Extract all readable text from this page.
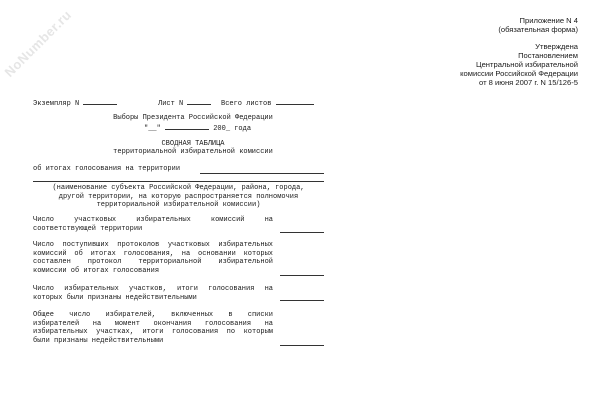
NoNumber.ru	Приложение N 4
(обязательная форма)
Утверждена
Постановлением
Центральной избирательной
комиссии Российской Федерации
от 8 июня 2007 г. N 15/126-5
Экземпляр N	Лист N	Всего листов
Выборы Президента Российской Федерации
"__"	200_ года
СВОДНАЯ ТАБЛИЦА
территориальной избирательной комиссии
об итогах голосования на территории
(наименование субъекта Российской Федерации, района, города,
другой территории, на которую распространяется полномочия
территориальной избирательной комиссии)
Число участковых избирательных комиссий на
соответствующей территории
Число поступивших протоколов участковых избирательных
комиссий об итогах голосования, на основании которых
составлен протокол территориальной избирательной
комиссии об итогах голосования
Число избирательных участков, итоги голосования на
которых были признаны недействительными
Общее число избирателей, включенных в списки
избирателей на момент окончания голосования на
избирательных участках, итоги голосования по которым
были признаны недействительными
